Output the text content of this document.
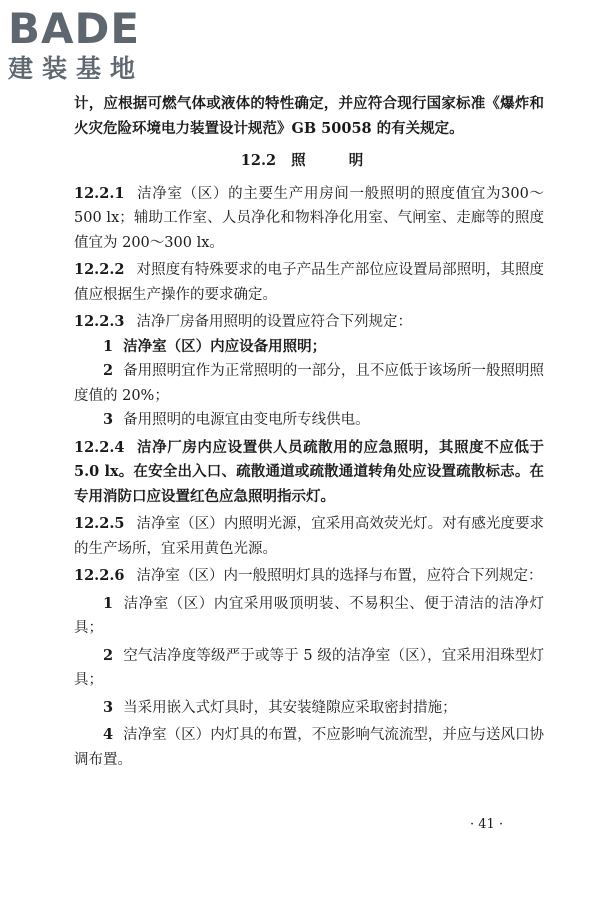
BADE
建装基地

计，应根据可燃气体或液体的特性确定，并应符合现行国家标准《爆炸和火灾危险环境电力装置设计规范》GB 50058 的有关规定。

12.2 照 明

12.2.1 洁净室（区）的主要生产用房间一般照明的照度值宜为300～500 lx；辅助工作室、人员净化和物料净化用室、气闸室、走廊等的照度值宜为 200～300 lx。

12.2.2 对照度有特殊要求的电子产品生产部位应设置局部照明，其照度值应根据生产操作的要求确定。

12.2.3 洁净厂房备用照明的设置应符合下列规定：

1 洁净室（区）内应设备用照明；

2 备用照明宜作为正常照明的一部分，且不应低于该场所一般照明照度值的 20%；

3 备用照明的电源宜由变电所专线供电。

12.2.4 洁净厂房内应设置供人员疏散用的应急照明，其照度不应低于 5.0 lx。在安全出入口、疏散通道或疏散通道转角处应设置疏散标志。在专用消防口应设置红色应急照明指示灯。

12.2.5 洁净室（区）内照明光源，宜采用高效荧光灯。对有感光度要求的生产场所，宜采用黄色光源。

12.2.6 洁净室（区）内一般照明灯具的选择与布置，应符合下列规定：

1 洁净室（区）内宜采用吸顶明装、不易积尘、便于清洁的洁净灯具；

2 空气洁净度等级严于或等于 5 级的洁净室（区），宜采用泪珠型灯具；

3 当采用嵌入式灯具时，其安装缝隙应采取密封措施；

4 洁净室（区）内灯具的布置，不应影响气流流型，并应与送风口协调布置。

· 41 ·
